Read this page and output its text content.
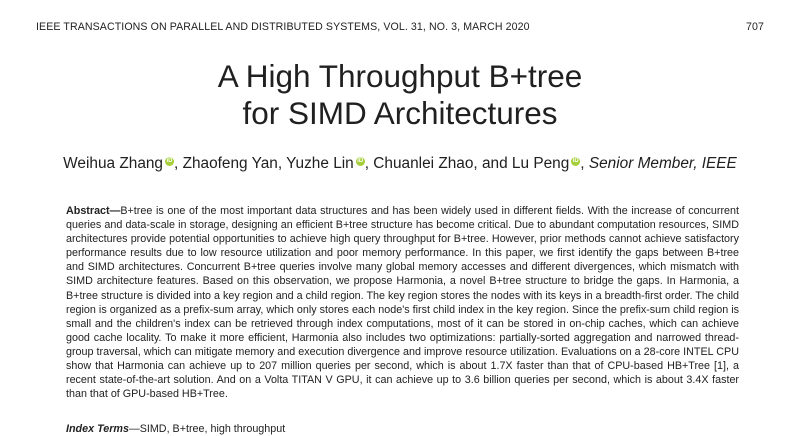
IEEE TRANSACTIONS ON PARALLEL AND DISTRIBUTED SYSTEMS, VOL. 31, NO. 3, MARCH 2020	707
A High Throughput B+tree
for SIMD Architectures
Weihua Zhang iD, Zhaofeng Yan, Yuzhe Lin iD, Chuanlei Zhao, and Lu Peng iD, Senior Member, IEEE

Abstract—B+tree is one of the most important data structures and has been widely used in different fields. With the increase of concurrent queries and data-scale in storage, designing an efficient B+tree structure has become critical. Due to abundant computation resources, SIMD architectures provide potential opportunities to achieve high query throughput for B+tree. However, prior methods cannot achieve satisfactory performance results due to low resource utilization and poor memory performance. In this paper, we first identify the gaps between B+tree and SIMD architectures. Concurrent B+tree queries involve many global memory accesses and different divergences, which mismatch with SIMD architecture features. Based on this observation, we propose Harmonia, a novel B+tree structure to bridge the gaps. In Harmonia, a B+tree structure is divided into a key region and a child region. The key region stores the nodes with its keys in a breadth-first order. The child region is organized as a prefix-sum array, which only stores each node's first child index in the key region. Since the prefix-sum child region is small and the children's index can be retrieved through index computations, most of it can be stored in on-chip caches, which can achieve good cache locality. To make it more efficient, Harmonia also includes two optimizations: partially-sorted aggregation and narrowed thread-group traversal, which can mitigate memory and execution divergence and improve resource utilization. Evaluations on a 28-core INTEL CPU show that Harmonia can achieve up to 207 million queries per second, which is about 1.7X faster than that of CPU-based HB+Tree [1], a recent state-of-the-art solution. And on a Volta TITAN V GPU, it can achieve up to 3.6 billion queries per second, which is about 3.4X faster than that of GPU-based HB+Tree.

Index Terms—SIMD, B+tree, high throughput
